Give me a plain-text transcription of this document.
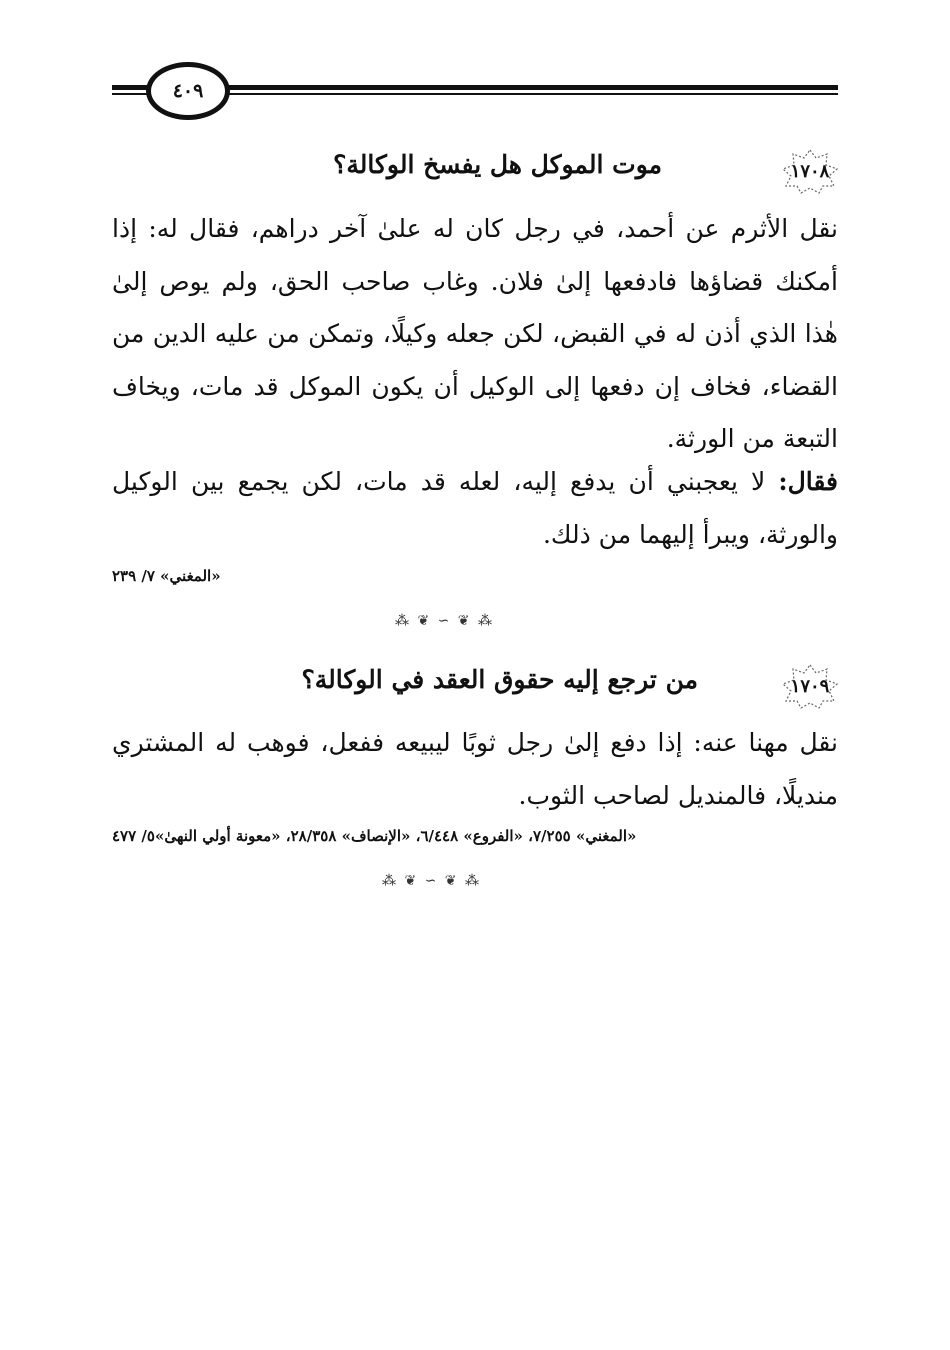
٤٠٩
١٧٠٨
موت الموكل هل يفسخ الوكالة؟
نقل الأثرم عن أحمد، في رجل كان له علىٰ آخر دراهم، فقال له: إذا أمكنك قضاؤها فادفعها إلىٰ فلان. وغاب صاحب الحق، ولم يوص إلىٰ هٰذا الذي أذن له في القبض، لكن جعله وكيلًا، وتمكن من عليه الدين من القضاء، فخاف إن دفعها إلى الوكيل أن يكون الموكل قد مات، ويخاف التبعة من الورثة.
فقال: لا يعجبني أن يدفع إليه، لعله قد مات، لكن يجمع بين الوكيل والورثة، ويبرأ إليهما من ذلك.
«المغني» ٧/ ٢٣٩
⁂ ❦ ∽ ❦ ⁂
١٧٠٩
من ترجع إليه حقوق العقد في الوكالة؟
نقل مهنا عنه: إذا دفع إلىٰ رجل ثوبًا ليبيعه ففعل، فوهب له المشتري منديلًا، فالمنديل لصاحب الثوب.
«المغني» ٧/٢٥٥، «الفروع» ٦/٤٤٨، «الإنصاف» ٢٨/٣٥٨، «معونة أولي النهىٰ»٥/ ٤٧٧
⁂ ❦ ∽ ❦ ⁂
